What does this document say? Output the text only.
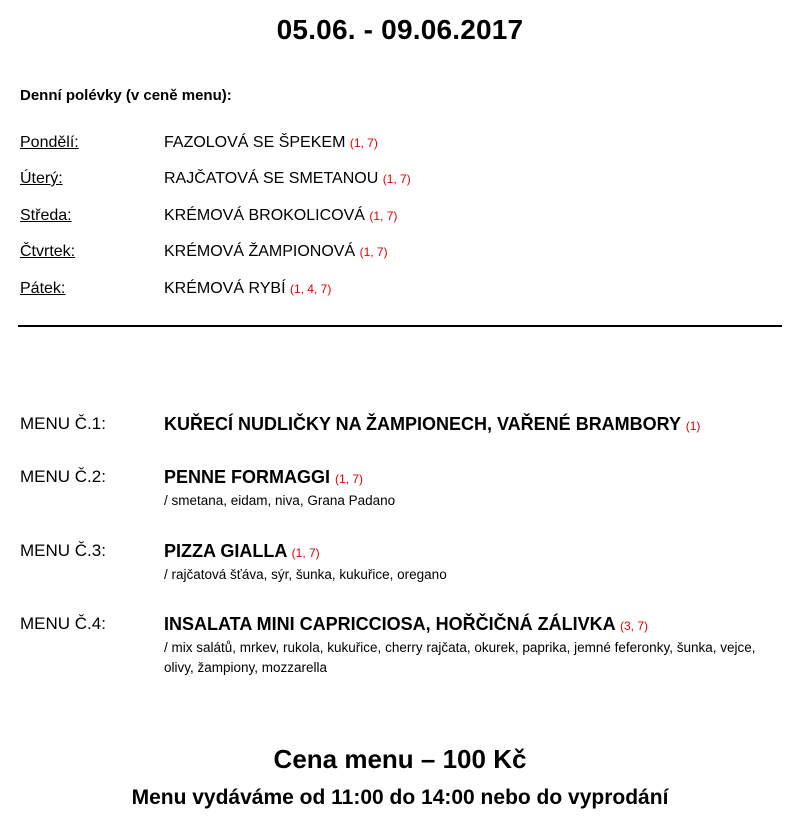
05.06. - 09.06.2017
Denní polévky (v ceně menu):
Pondělí:	FAZOLOVÁ SE ŠPEKEM (1, 7)
Úterý:	RAJČATOVÁ SE SMETANOU (1, 7)
Středa:	KRÉMOVÁ BROKOLICOVÁ (1, 7)
Čtvrtek:	KRÉMOVÁ ŽAMPIONOVÁ (1, 7)
Pátek:	KRÉMOVÁ RYBÍ (1, 4, 7)
MENU Č.1:	KUŘECÍ NUDLIČKY NA ŽAMPIONECH, VAŘENÉ BRAMBORY (1)
MENU Č.2:	PENNE FORMAGGI (1, 7)
/ smetana, eidam, niva, Grana Padano
MENU Č.3:	PIZZA GIALLA (1, 7)
/ rajčatová šťáva, sýr, šunka, kukuřice, oregano
MENU Č.4:	INSALATA MINI CAPRICCIOSA, HOŘČIČNÁ ZÁLIVKA (3, 7)
/ mix salátů, mrkev, rukola, kukuřice, cherry rajčata, okurek, paprika, jemné feferonky, šunka, vejce, olivy, žampiony, mozzarella
Cena menu – 100 Kč
Menu vydáváme od 11:00 do 14:00 nebo do vyprodání
